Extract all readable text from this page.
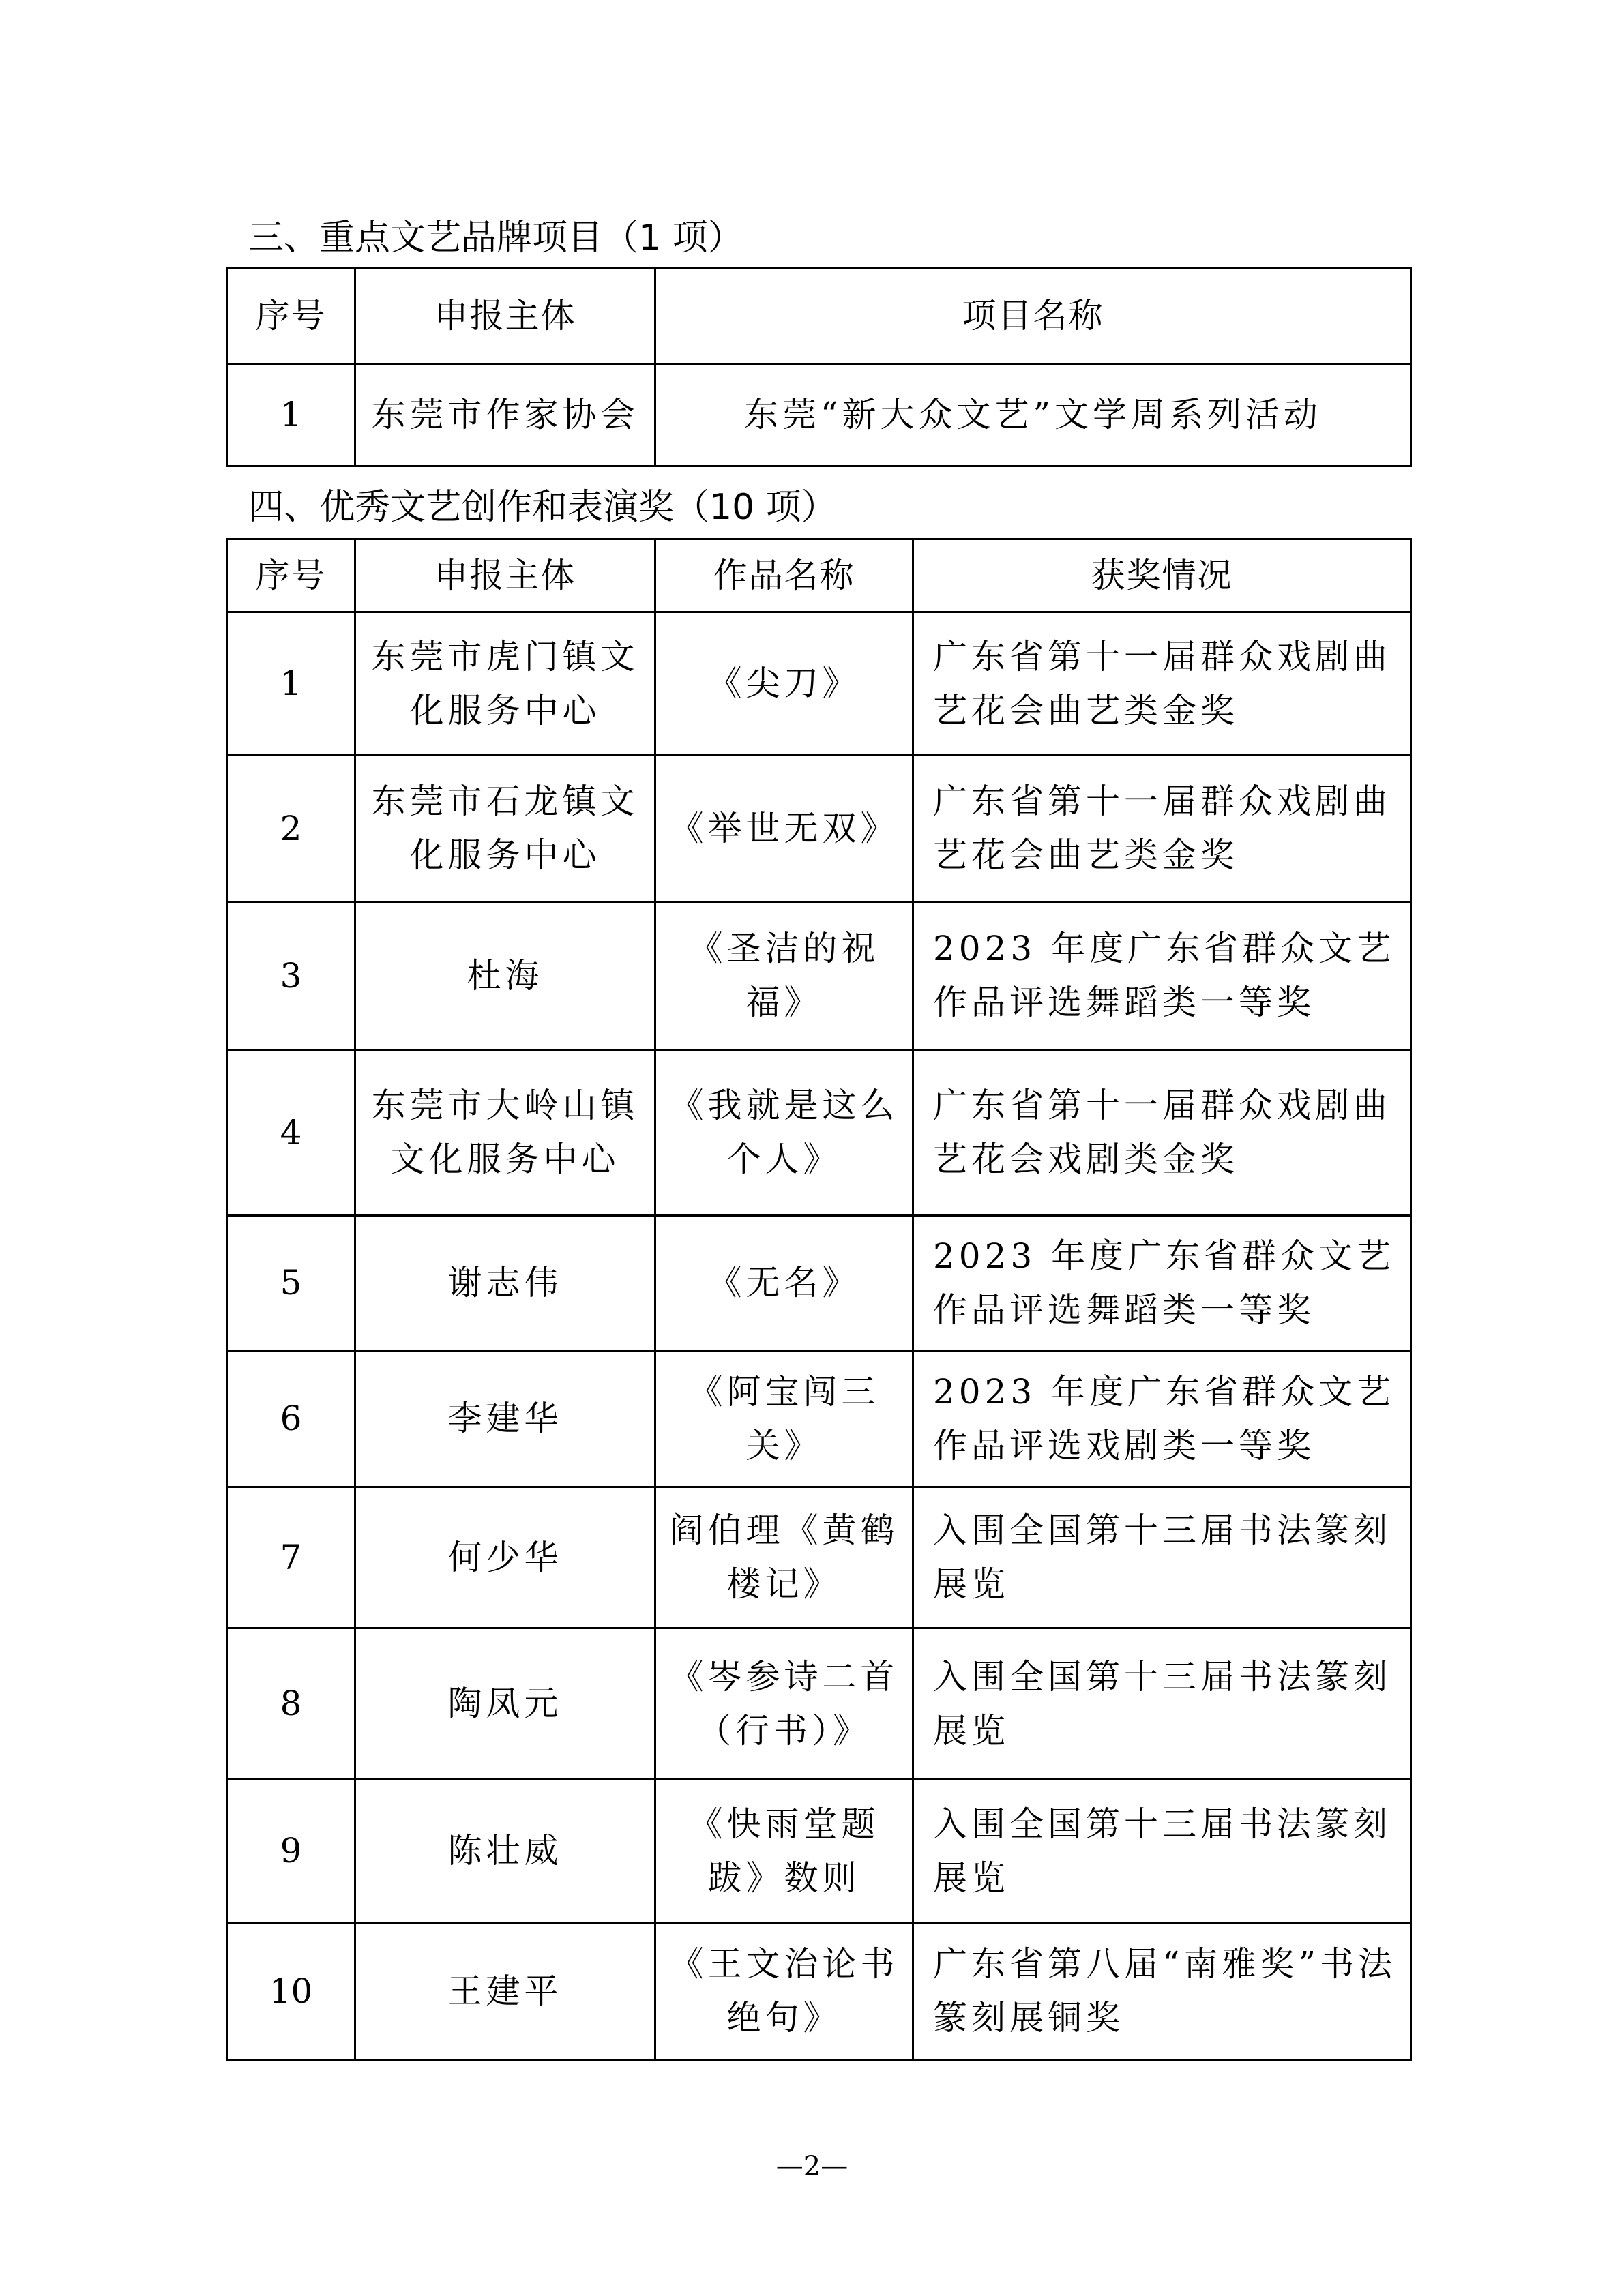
三、重点文艺品牌项目（1 项）
序号	申报主体	项目名称
1	东莞市作家协会	东莞“新大众文艺”文学周系列活动
四、优秀文艺创作和表演奖（10 项）
序号	申报主体	作品名称	获奖情况
1	东莞市虎门镇文化服务中心	《尖刀》	广东省第十一届群众戏剧曲艺花会曲艺类金奖
2	东莞市石龙镇文化服务中心	《举世无双》	广东省第十一届群众戏剧曲艺花会曲艺类金奖
3	杜海	《圣洁的祝福》	2023 年度广东省群众文艺作品评选舞蹈类一等奖
4	东莞市大岭山镇文化服务中心	《我就是这么个人》	广东省第十一届群众戏剧曲艺花会戏剧类金奖
5	谢志伟	《无名》	2023 年度广东省群众文艺作品评选舞蹈类一等奖
6	李建华	《阿宝闯三关》	2023 年度广东省群众文艺作品评选戏剧类一等奖
7	何少华	阎伯理《黄鹤楼记》	入围全国第十三届书法篆刻展览
8	陶凤元	《岑参诗二首（行书）》	入围全国第十三届书法篆刻展览
9	陈壮威	《快雨堂题跋》数则	入围全国第十三届书法篆刻展览
10	王建平	《王文治论书绝句》	广东省第八届“南雅奖”书法篆刻展铜奖
—2—
